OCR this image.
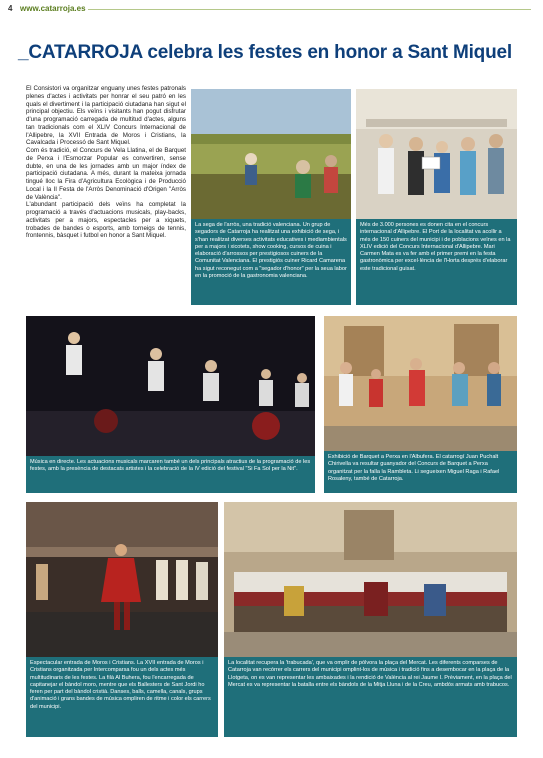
4 www.catarroja.es
_CATARROJA celebra les festes en honor a Sant Miquel

El Consistori va organitzar enguany unes festes patronals plenes d'actes i activitats per honrar el seu patró en les quals el divertiment i la participació ciutadana han sigut el principal objectiu. Els veïns i visitants han pogut disfrutar d'una programació carregada de multitud d'actes, alguns tan tradicionals com el XLIV Concurs Internacional de l'Allipebre, la XVII Entrada de Moros i Cristians, la Cavalcada i Processó de Sant Miquel.

Com és tradició, el Concurs de Vela Llatina, el de Barquet de Perxa i l'Esmorzar Popular es convertiren, sense dubte, en una de les jornades amb un major índex de participació ciutadana. A més, durant la mateixa jornada tingué lloc la Fira d'Agricultura Ecològica i de Producció Local i la II Festa de l'Arròs Denominació d'Origen "Arròs de València".

L'abundant participació dels veïns ha completat la programació a través d'actuacions musicals, play-backs, activitats per a majors, espectacles per a xiquets, trobades de bandes o esports, amb torneigs de tennis, frontennis, bàsquet i futbol en honor a Sant Miquel.

La sega de l'arròs, una tradició valenciana. Un grup de segadors de Catarroja ha realitzat una exhibició de sega, i s'han realitzat diverses activitats educatives i mediambientals per a majors i xicotets, show cooking, cursos de cuina i elaboració d'arrossos per prestigiosos cuiners de la Comunitat Valenciana. El prestigiós cuiner Ricard Camarena ha sigut reconegut com a "segador d'honor" per la seua labor en la promoció de la gastronomia valenciana.
Més de 3.000 persones es donen cita en el concurs internacional d'Allipebre. El Port de la localitat va acollir a més de 150 cuiners del municipi i de poblacions veïnes en la XLIV edició del Concurs Internacional d'Allipebre. Mari Carmen Mata es va fer amb el primer premi en la festa gastronòmica per excel·lència de l'Horta després d'elaborar este tradicional guisat.
Música en directe. Les actuacions musicals marcaren també un dels principals atractius de la programació de les festes, amb la presència de destacats artistes i la celebració de la IV edició del festival "Si Fa Sol per la Nit".
Exhibició de Barquet a Perxa en l'Albufera. El catarrogí Juan Puchalt Chirivella va resultar guanyador del Concurs de Barquet a Perxa organitzat per la falla la Rambleta. Li segueixen Miguel Raga i Rafael Rosaleny, també de Catarroja.
Espectacular entrada de Moros i Cristians. La XVII entrada de Moros i Cristians organitzada per Intercomparsa fou un dels actes més multitudinaris de les festes. La filà Al Buhera, fou l'encarregada de capitanejar el bàndol moro, mentre que els Ballesters de Sant Jordi ho feren per part del bàndol cristià. Danses, balls, camella, canals, grups d'animació i grans bandes de música ompliren de ritme i color els carrers del municipi.
La localitat recupera la 'trabucada', que va omplir de pólvora la plaça del Mercat. Les diferents comparses de Catarroja van recórrer els carrers del municipi omplint-los de música i tradició fins a desembocar en la plaça de la Llotgeta, on es van representar les ambaixades i la rendició de València al rei Jaume I. Prèviament, en la plaça del Mercat es va representar la batalla entre els bàndols de la Mitja Lluna i de la Creu, ambdós armats amb trabucos.
